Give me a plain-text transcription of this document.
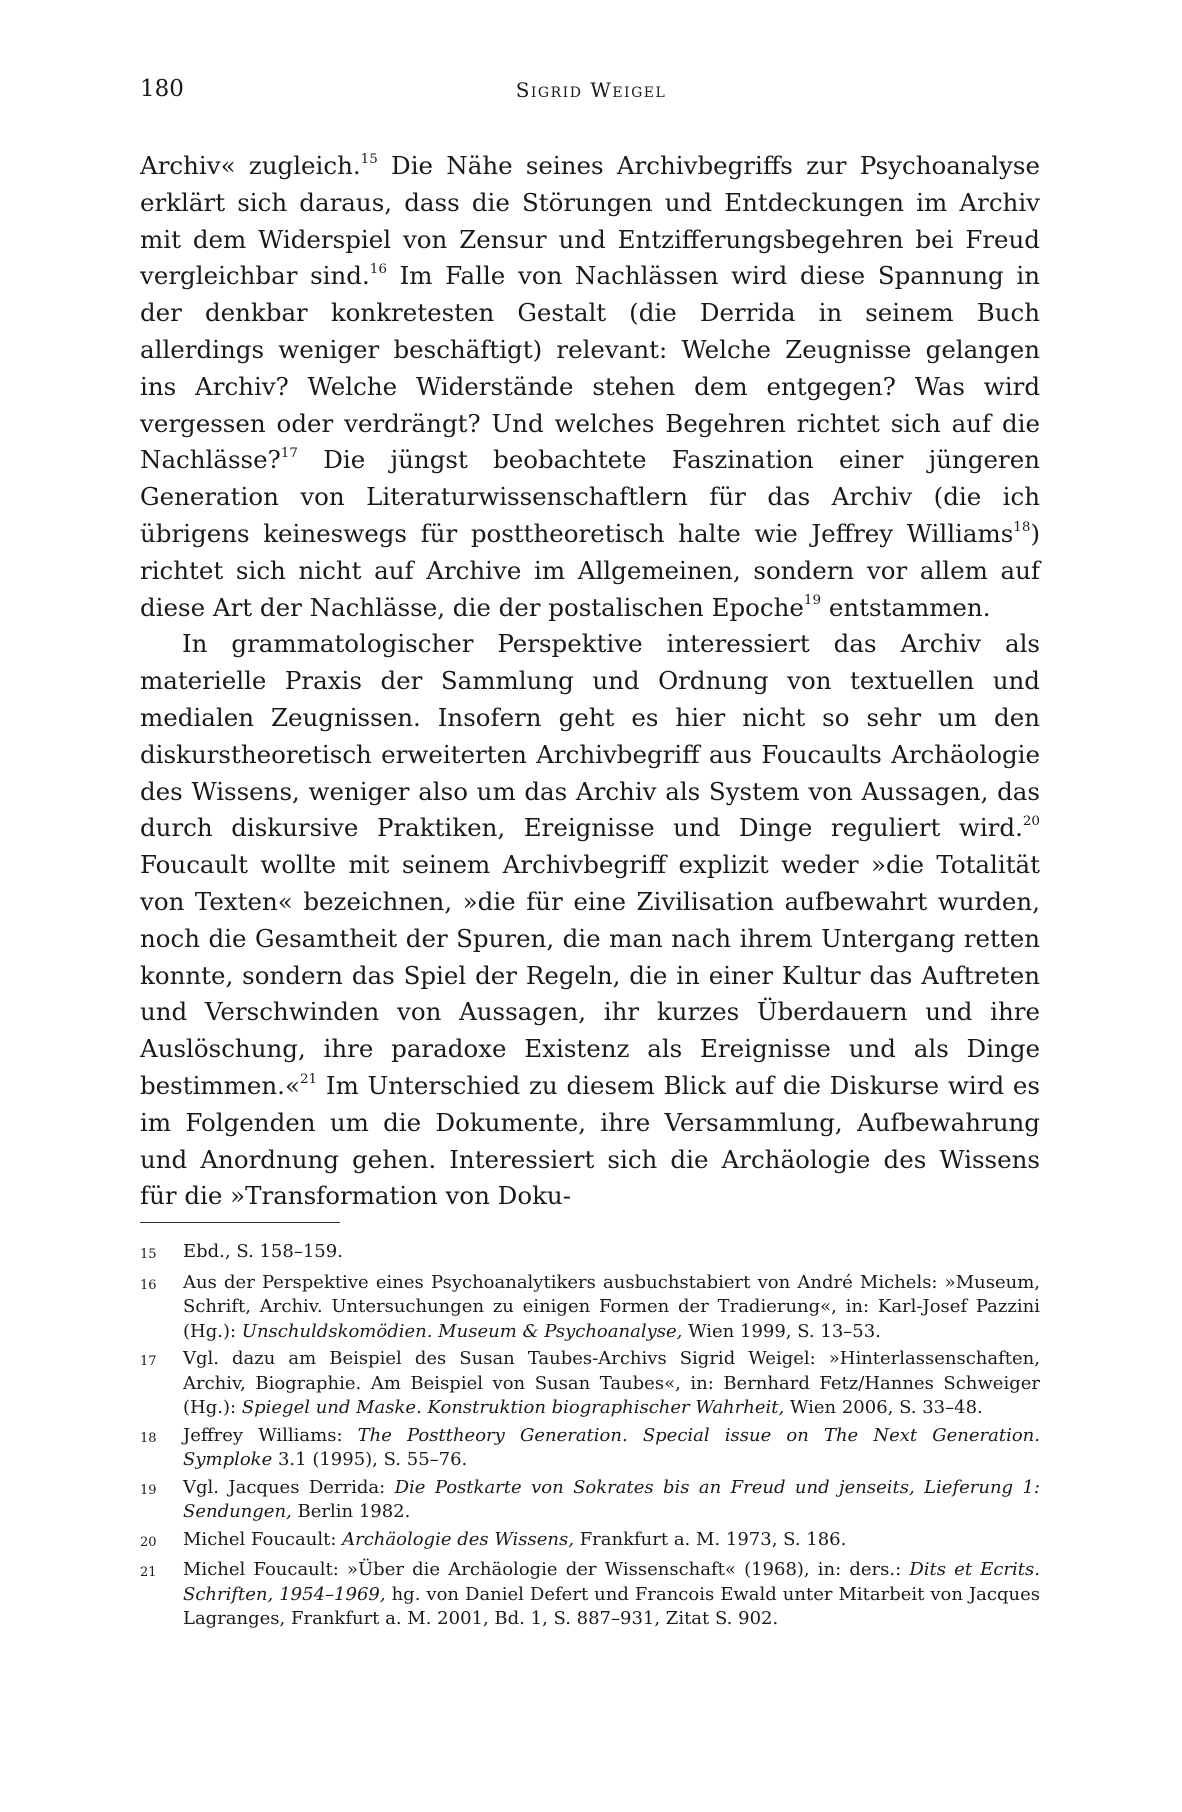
180	Sigrid Weigel

Archiv« zugleich.$^{15}$ Die Nähe seines Archivbegriffs zur Psychoanalyse erklärt sich daraus, dass die Störungen und Entdeckungen im Archiv mit dem Widerspiel von Zensur und Entzifferungsbegehren bei Freud vergleichbar sind.$^{16}$ Im Falle von Nachlässen wird diese Spannung in der denkbar konkretesten Gestalt (die Derrida in seinem Buch allerdings weniger beschäftigt) relevant: Welche Zeugnisse gelangen ins Archiv? Welche Widerstände stehen dem entgegen? Was wird vergessen oder verdrängt? Und welches Begehren richtet sich auf die Nachlässe?$^{17}$ Die jüngst beobachtete Faszination einer jüngeren Generation von Literaturwissenschaftlern für das Archiv (die ich übrigens keineswegs für posttheoretisch halte wie Jeffrey Williams$^{18}$) richtet sich nicht auf Archive im Allgemeinen, sondern vor allem auf diese Art der Nachlässe, die der postalischen Epoche$^{19}$ entstammen.

In grammatologischer Perspektive interessiert das Archiv als materielle Praxis der Sammlung und Ordnung von textuellen und medialen Zeugnissen. Insofern geht es hier nicht so sehr um den diskurstheoretisch erweiterten Archivbegriff aus Foucaults Archäologie des Wissens, weniger also um das Archiv als System von Aussagen, das durch diskursive Praktiken, Ereignisse und Dinge reguliert wird.$^{20}$ Foucault wollte mit seinem Archivbegriff explizit weder »die Totalität von Texten« bezeichnen, »die für eine Zivilisation aufbewahrt wurden, noch die Gesamtheit der Spuren, die man nach ihrem Untergang retten konnte, sondern das Spiel der Regeln, die in einer Kultur das Auftreten und Verschwinden von Aussagen, ihr kurzes Überdauern und ihre Auslöschung, ihre paradoxe Existenz als Ereignisse und als Dinge bestimmen.«$^{21}$ Im Unterschied zu diesem Blick auf die Diskurse wird es im Folgenden um die Dokumente, ihre Versammlung, Aufbewahrung und Anordnung gehen. Interessiert sich die Archäologie des Wissens für die »Transformation von Doku-

15	Ebd., S. 158–159.
16	Aus der Perspektive eines Psychoanalytikers ausbuchstabiert von André Michels: »Museum, Schrift, Archiv. Untersuchungen zu einigen Formen der Tradierung«, in: Karl-Josef Pazzini (Hg.): Unschuldskomödien. Museum & Psychoanalyse, Wien 1999, S. 13–53.
17	Vgl. dazu am Beispiel des Susan Taubes-Archivs Sigrid Weigel: »Hinterlassenschaften, Archiv, Biographie. Am Beispiel von Susan Taubes«, in: Bernhard Fetz/Hannes Schweiger (Hg.): Spiegel und Maske. Konstruktion biographischer Wahrheit, Wien 2006, S. 33–48.
18	Jeffrey Williams: The Posttheory Generation. Special issue on The Next Generation. Symploke 3.1 (1995), S. 55–76.
19	Vgl. Jacques Derrida: Die Postkarte von Sokrates bis an Freud und jenseits, Lieferung 1: Sendungen, Berlin 1982.
20	Michel Foucault: Archäologie des Wissens, Frankfurt a. M. 1973, S. 186.
21	Michel Foucault: »Über die Archäologie der Wissenschaft« (1968), in: ders.: Dits et Ecrits. Schriften, 1954–1969, hg. von Daniel Defert und Francois Ewald unter Mitarbeit von Jacques Lagranges, Frankfurt a. M. 2001, Bd. 1, S. 887–931, Zitat S. 902.
